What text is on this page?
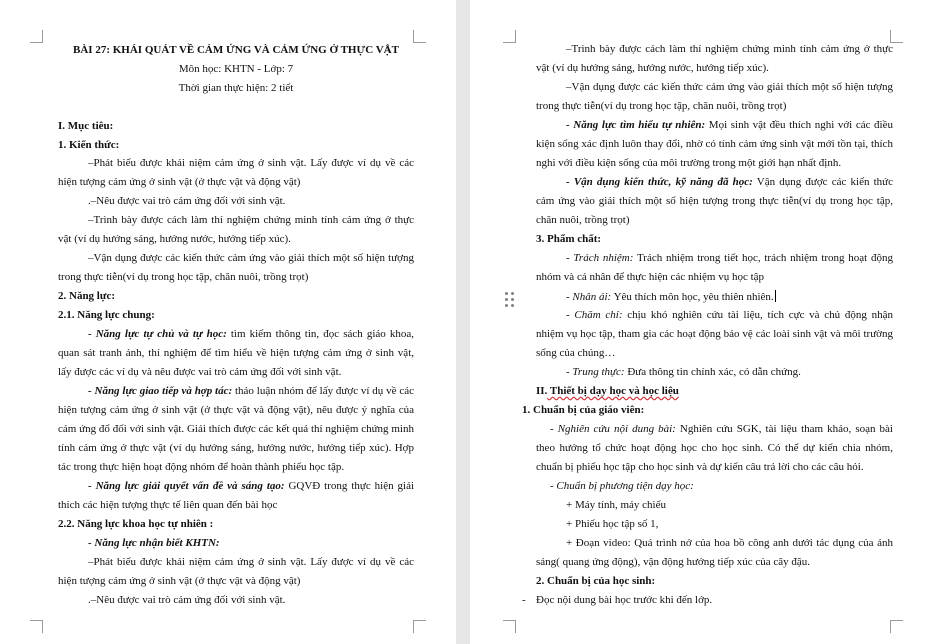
BÀI 27: KHÁI QUÁT VỀ CẢM ỨNG VÀ CẢM ỨNG Ở THỰC VẬT
Môn học: KHTN - Lớp: 7
Thời gian thực hiện: 2 tiết
I. Mục tiêu:
1. Kiến thức:
–Phát biểu được khái niệm cảm ứng ở sinh vật. Lấy được ví dụ về các
hiện tượng cảm ứng ở sinh vật (ở thực vật và động vật)
.–Nêu được vai trò cảm ứng đối với sinh vật.
–Trình bày được cách làm thí nghiệm chứng minh tính cảm ứng ở thực
vật (ví dụ hướng sáng, hướng nước, hướng tiếp xúc).
–Vận dụng được các kiến thức cảm ứng vào giải thích một số hiện tượng
trong thực tiễn(ví dụ trong học tập, chăn nuôi, trồng trọt)
2. Năng lực:
2.1. Năng lực chung:
- Năng lực tự chủ và tự học: tìm kiếm thông tin, đọc sách giáo khoa,
quan sát tranh ảnh, thí nghiệm để tìm hiểu về hiện tượng cảm ứng ở sinh vật,
lấy được các ví dụ và nêu được vai trò cảm ứng đối với sinh vật.
- Năng lực giao tiếp và hợp tác: thảo luận nhóm để lấy được ví dụ về các
hiện tượng cảm ứng ở sinh vật (ở thực vật và động vật), nêu được ý nghĩa của
cảm ứng đổ đối với sinh vật. Giải thích được các kết quả thí nghiệm chứng minh
tính cảm ứng ở thực vật (ví dụ hướng sáng, hướng nước, hướng tiếp xúc). Hợp
tác trong thực hiện hoạt động nhóm để hoàn thành phiếu học tập.
- Năng lực giải quyết vấn đề và sáng tạo: GQVĐ trong thực hiện giải
thích các hiện tượng thực tế liên quan đến bài học
2.2. Năng lực khoa học tự nhiên :
- Năng lực nhận biết KHTN:
–Phát biểu được khái niệm cảm ứng ở sinh vật. Lấy được ví dụ về các
hiện tượng cảm ứng ở sinh vật (ở thực vật và động vật)
.–Nêu được vai trò cảm ứng đối với sinh vật.
–Trình bày được cách làm thí nghiệm chứng minh tính cảm ứng ở thực
vật (ví dụ hướng sáng, hướng nước, hướng tiếp xúc).
–Vận dụng được các kiến thức cảm ứng vào giải thích một số hiện tượng
trong thực tiễn(ví dụ trong học tập, chăn nuôi, trồng trọt)
- Năng lực tìm hiểu tự nhiên: Mọi sinh vật đều thích nghi với các điều
kiện sống xác định luôn thay đổi, nhờ có tính cảm ứng sinh vật mới tồn tại, thích
nghi với điều kiện sống của môi trường trong một giới hạn nhất định.
- Vận dụng kiến thức, kỹ năng đã học: Vận dụng được các kiến thức
cảm ứng vào giải thích một số hiện tượng trong thực tiễn(ví dụ trong học tập,
chăn nuôi, trồng trọt)
3. Phẩm chất:
- Trách nhiệm: Trách nhiệm trong tiết học, trách nhiệm trong hoạt động
nhóm và cá nhân để thực hiện các nhiệm vụ học tập
- Nhân ái: Yêu thích môn học, yêu thiên nhiên.
- Chăm chỉ: chịu khó nghiên cứu tài liệu, tích cực và chủ động nhận
nhiệm vụ học tập, tham gia các hoạt động bảo vệ các loài sinh vật và môi trường
sống của chúng…
- Trung thực: Đưa thông tin chính xác, có dẫn chứng.
II. Thiết bị dạy học và học liệu
1. Chuẩn bị của giáo viên:
- Nghiên cứu nội dung bài: Nghiên cứu SGK, tài liệu tham khảo, soạn bài
theo hướng tổ chức hoạt động học cho học sinh. Có thể dự kiến chia nhóm,
chuẩn bị phiếu học tập cho học sinh và dự kiến câu trả lời cho các câu hỏi.
- Chuẩn bị phương tiện dạy học:
+ Máy tính, máy chiếu
+ Phiếu học tập số 1,
+ Đoạn video: Quá trình nở của hoa bồ công anh dưới tác dụng của ánh
sáng( quang ứng động), vận động hướng tiếp xúc của cây đậu.
2. Chuẩn bị của học sinh:
- Đọc nội dung bài học trước khi đến lớp.
